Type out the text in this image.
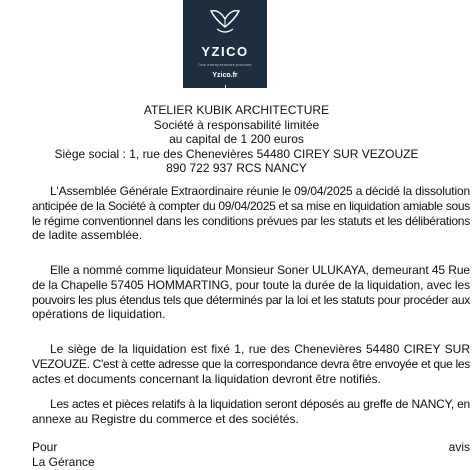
YZICO
Des entrepreneurs proches
Yzico.fr
ATELIER KUBIK ARCHITECTURE
Société à responsabilité limitée
au capital de 1 200 euros
Siège social : 1, rue des Chenevières 54480 CIREY SUR VEZOUZE
890 722 937 RCS NANCY
L'Assemblée Générale Extraordinaire réunie le 09/04/2025 a décidé la dissolution
anticipée de la Société à compter du 09/04/2025 et sa mise en liquidation amiable sous
le régime conventionnel dans les conditions prévues par les statuts et les délibérations
de ladite assemblée.
Elle a nommé comme liquidateur Monsieur Soner ULUKAYA, demeurant 45 Rue
de la Chapelle 57405 HOMMARTING, pour toute la durée de la liquidation, avec les
pouvoirs les plus étendus tels que déterminés par la loi et les statuts pour procéder aux
opérations de liquidation.
Le siège de la liquidation est fixé 1, rue des Chenevières 54480 CIREY SUR
VEZOUZE. C'est à cette adresse que la correspondance devra être envoyée et que les
actes et documents concernant la liquidation devront être notifiés.
Les actes et pièces relatifs à la liquidation seront déposés au greffe de NANCY, en
annexe au Registre du commerce et des sociétés.
Pour avis
La Gérance
